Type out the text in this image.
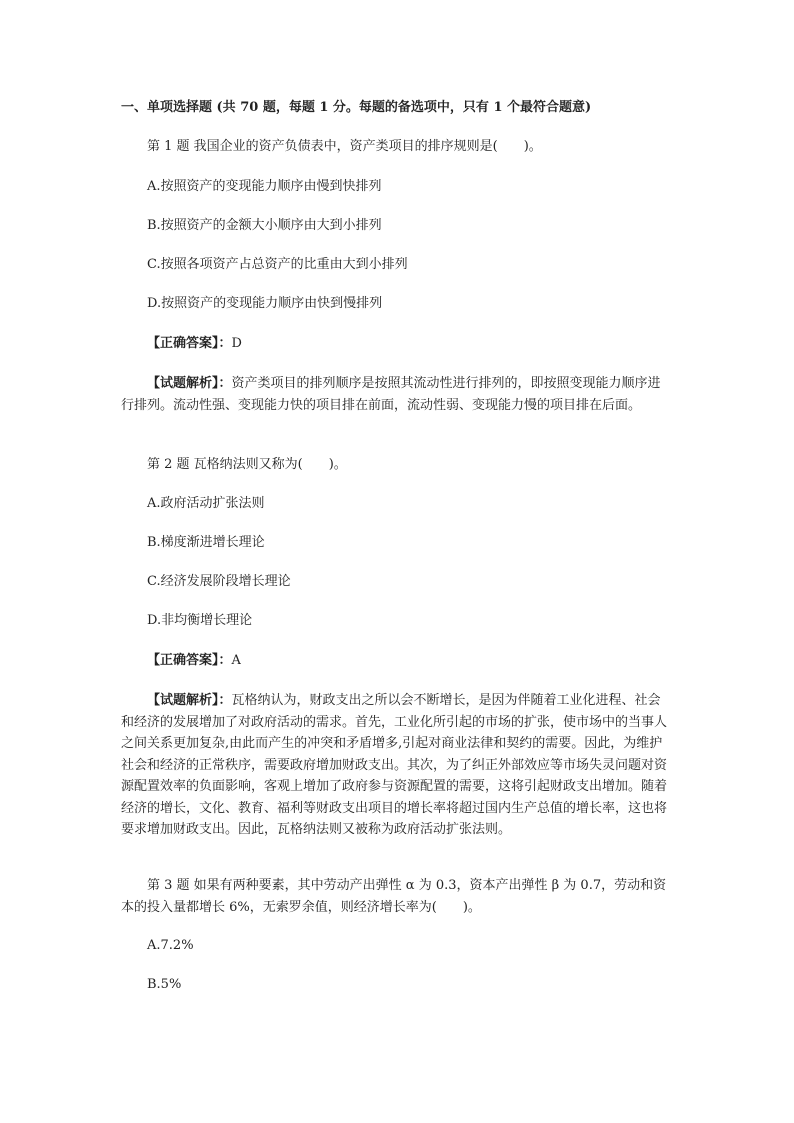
一、单项选择题 (共 70 题，每题 1 分。每题的备选项中，只有 1 个最符合题意)
第 1 题 我国企业的资产负债表中，资产类项目的排序规则是(　　)。
A.按照资产的变现能力顺序由慢到快排列
B.按照资产的金额大小顺序由大到小排列
C.按照各项资产占总资产的比重由大到小排列
D.按照资产的变现能力顺序由快到慢排列
【正确答案】：D
【试题解析】：资产类项目的排列顺序是按照其流动性进行排列的，即按照变现能力顺序进行排列。流动性强、变现能力快的项目排在前面，流动性弱、变现能力慢的项目排在后面。
第 2 题 瓦格纳法则又称为(　　)。
A.政府活动扩张法则
B.梯度渐进增长理论
C.经济发展阶段增长理论
D.非均衡增长理论
【正确答案】：A
【试题解析】：瓦格纳认为，财政支出之所以会不断增长，是因为伴随着工业化进程、社会和经济的发展增加了对政府活动的需求。首先，工业化所引起的市场的扩张，使市场中的当事人之间关系更加复杂,由此而产生的冲突和矛盾增多,引起对商业法律和契约的需要。因此，为维护社会和经济的正常秩序，需要政府增加财政支出。其次，为了纠正外部效应等市场失灵问题对资源配置效率的负面影响，客观上增加了政府参与资源配置的需要，这将引起财政支出增加。随着经济的增长，文化、教育、福利等财政支出项目的增长率将超过国内生产总值的增长率，这也将要求增加财政支出。因此，瓦格纳法则又被称为政府活动扩张法则。
第 3 题 如果有两种要素，其中劳动产出弹性 α 为 0.3，资本产出弹性 β 为 0.7，劳动和资本的投入量都增长 6%，无索罗余值，则经济增长率为(　　)。
A.7.2%
B.5%
